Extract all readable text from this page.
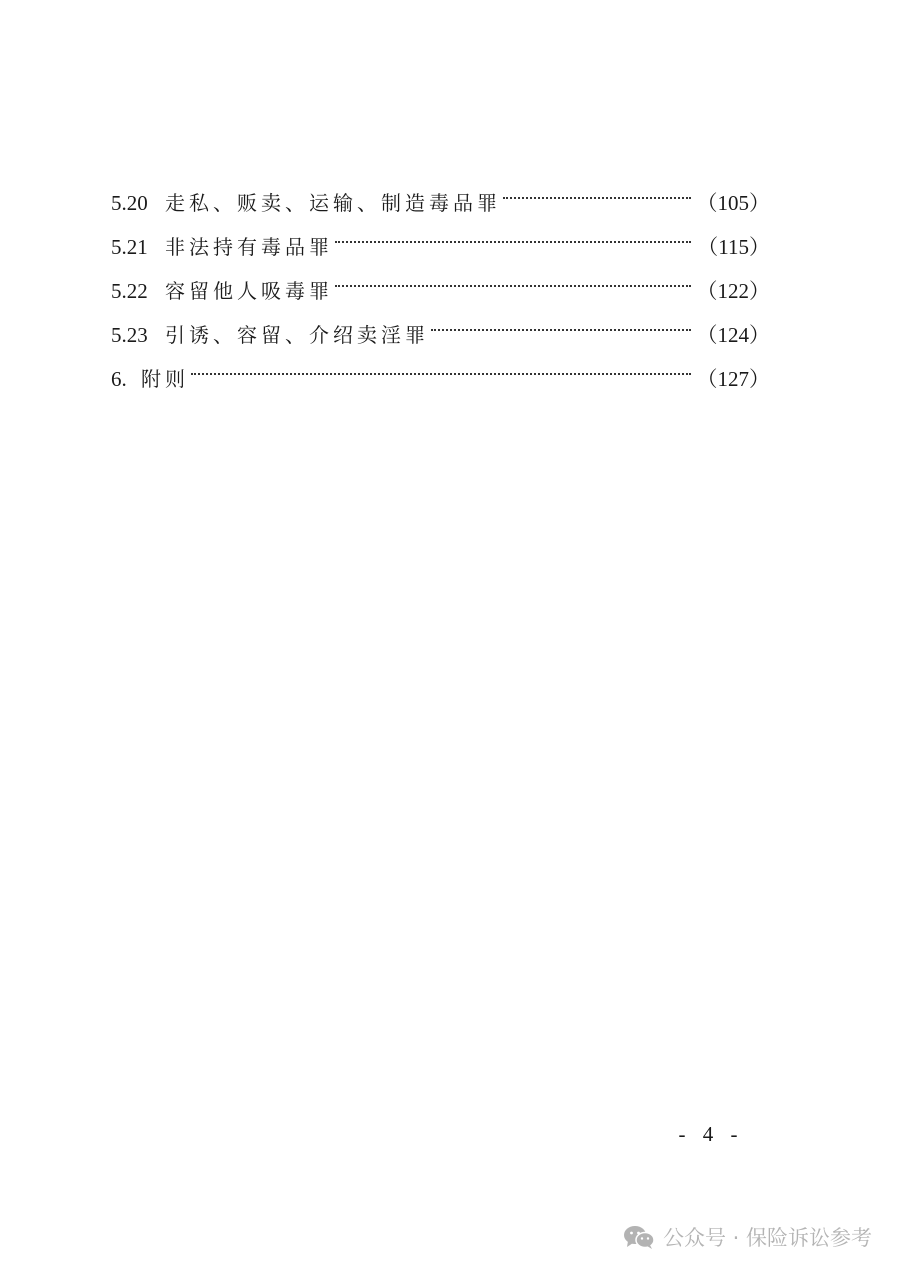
5.20 走私、贩卖、运输、制造毒品罪	（105）
5.21 非法持有毒品罪	（115）
5.22 容留他人吸毒罪	（122）
5.23 引诱、容留、介绍卖淫罪	（124）
6. 附则	（127）
- 4 -
公众号 · 保险诉讼参考
